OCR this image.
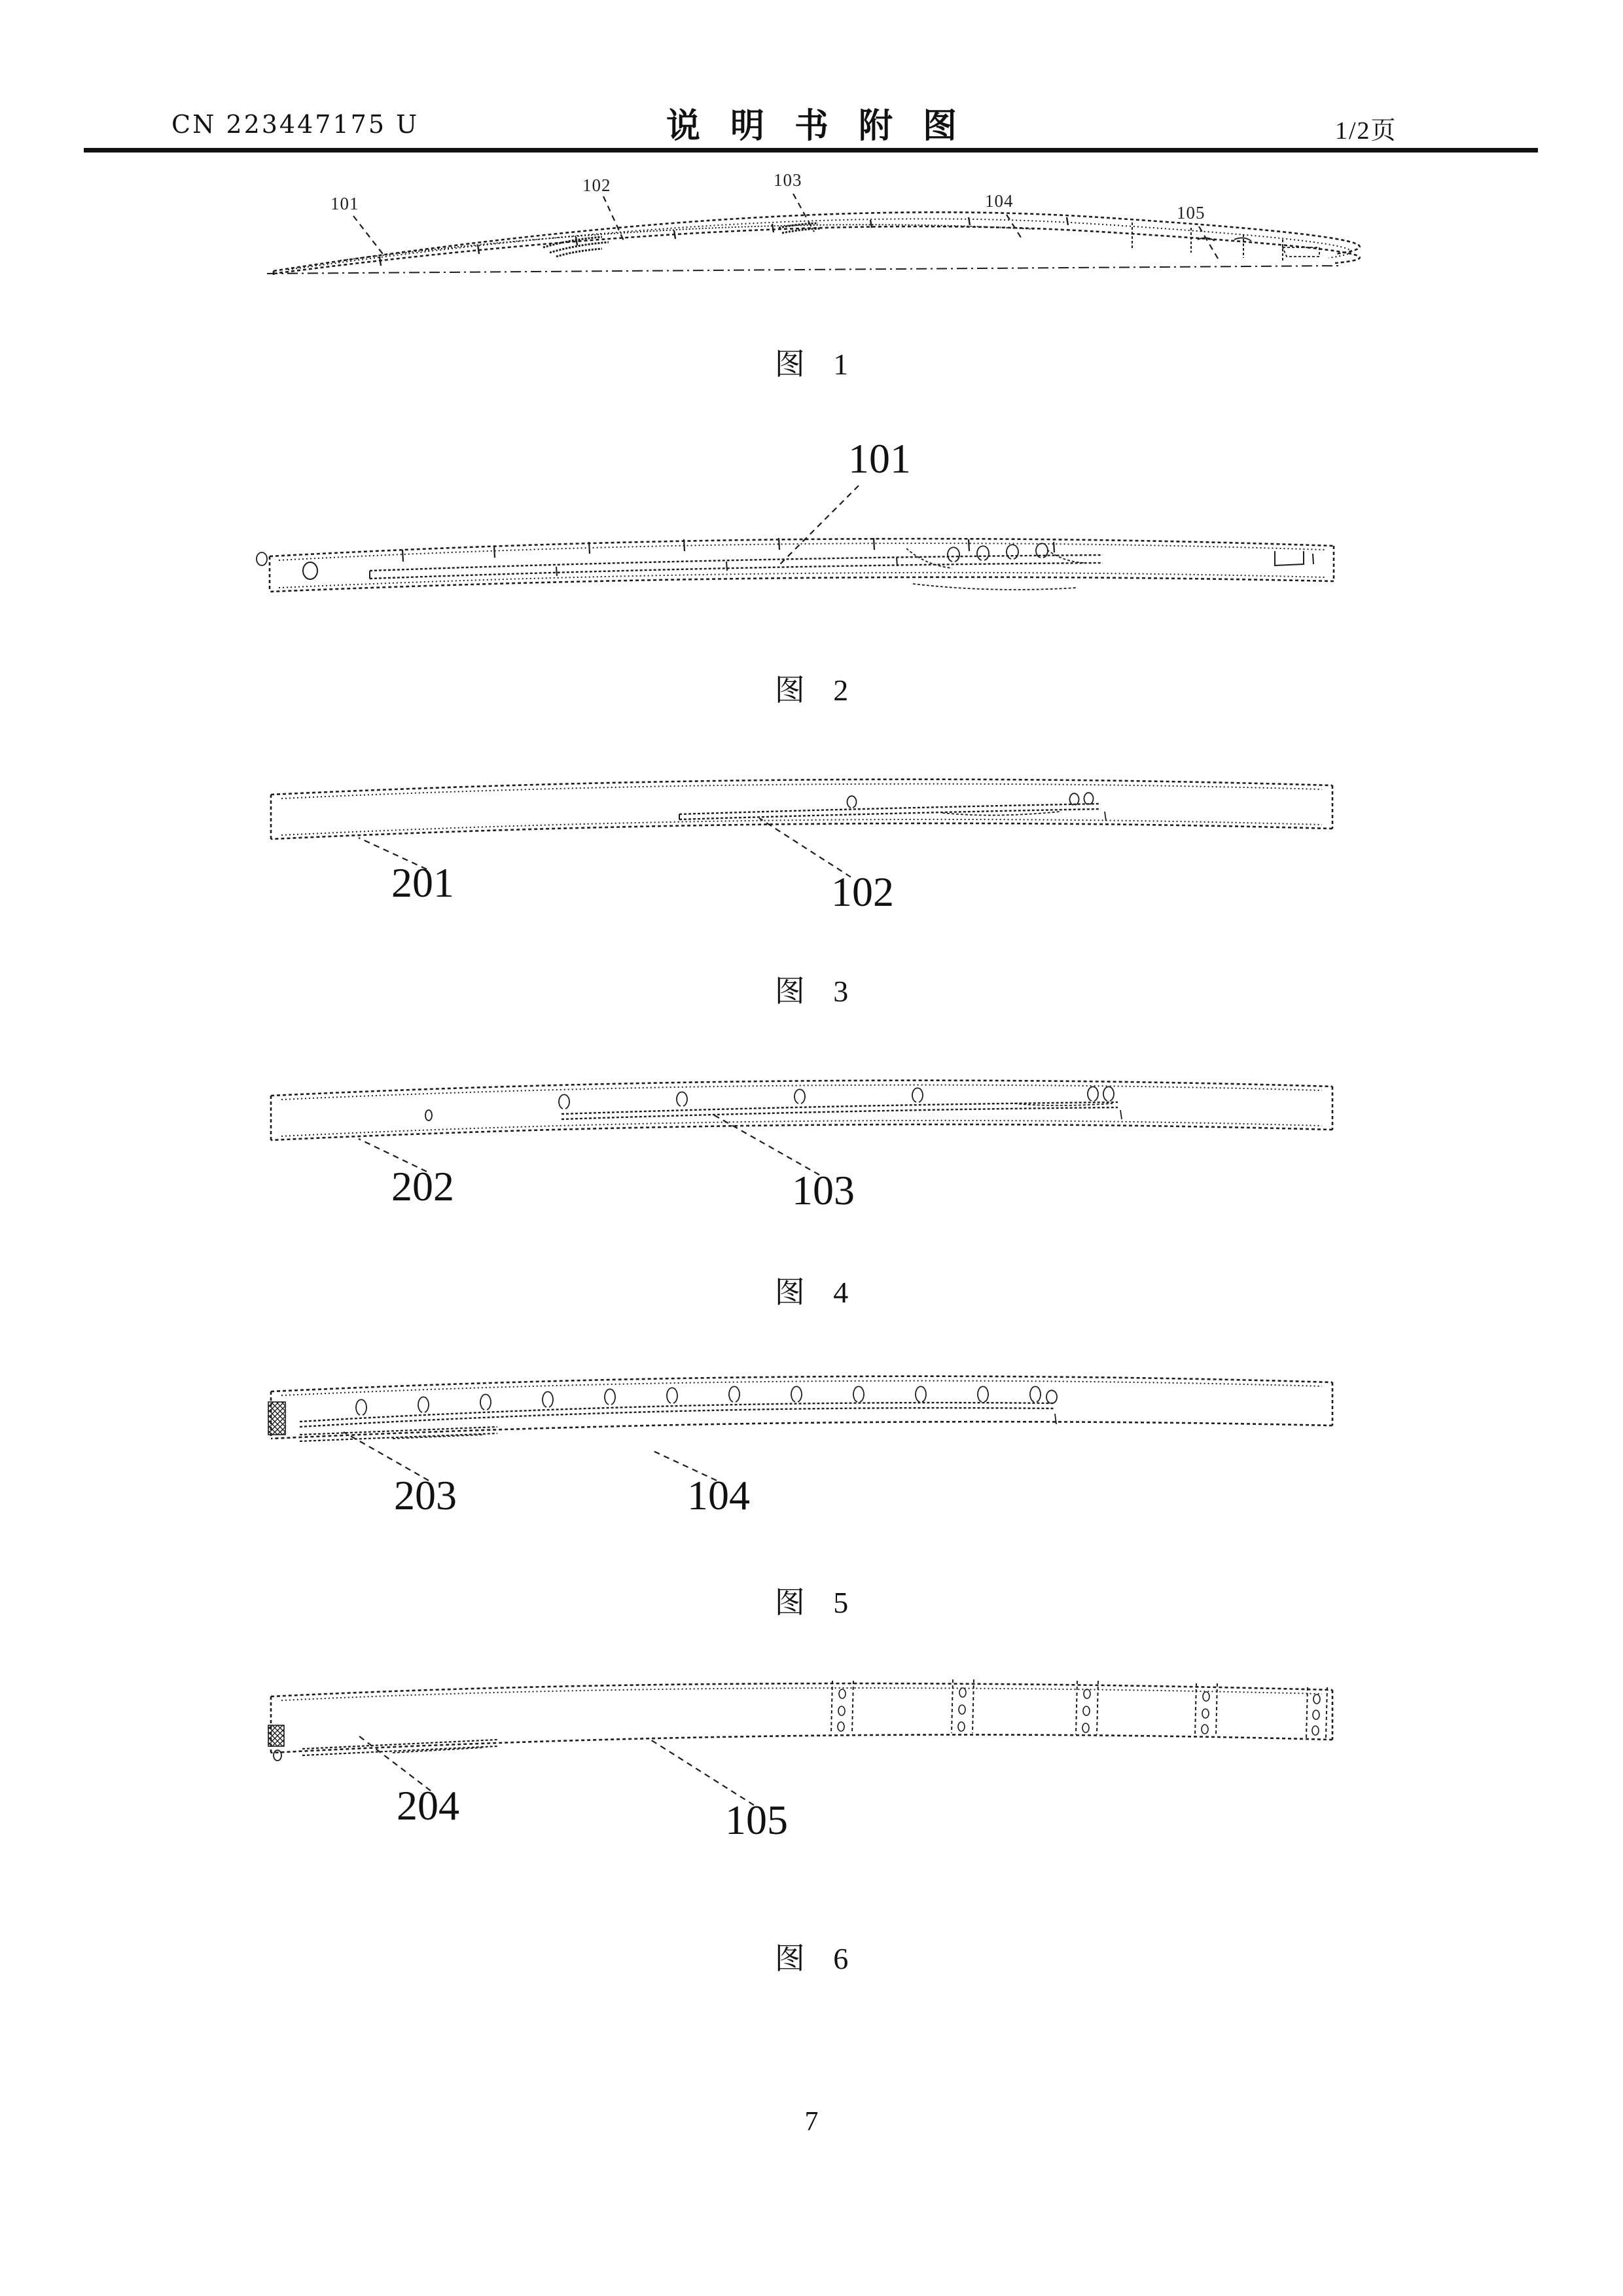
CN 223447175 U	说明书附图	1/2页
101
102	103
104
105
101
201	102
202	103
203	104
204	105
图 1
图 2
图 3
图 4
图 5
图 6
7
